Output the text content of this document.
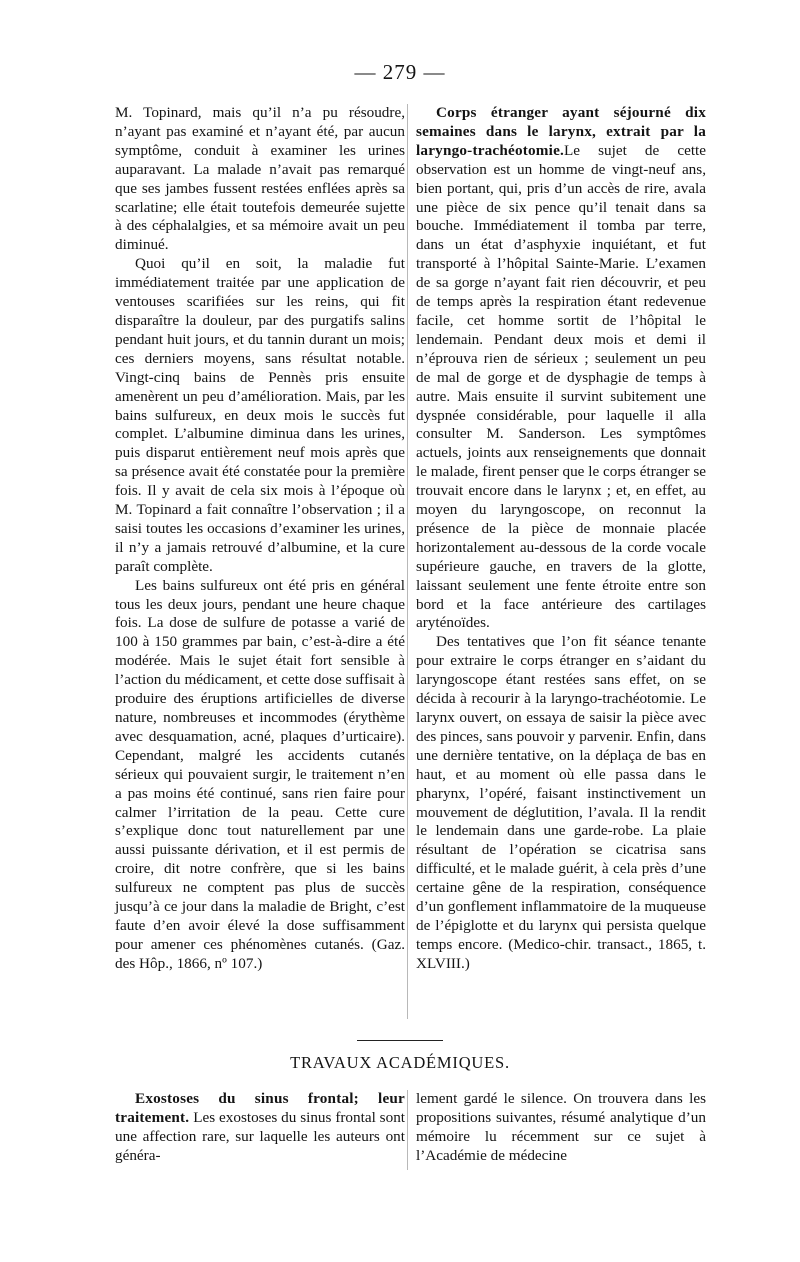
— 279 —

M. Topinard, mais qu’il n’a pu résoudre, n’ayant pas examiné et n’ayant été, par aucun symptôme, conduit à examiner les urines auparavant. La malade n’avait pas remarqué que ses jambes fussent restées enflées après sa scarlatine; elle était toutefois demeurée sujette à des céphalalgies, et sa mémoire avait un peu diminué.

Quoi qu’il en soit, la maladie fut immédiatement traitée par une application de ventouses scarifiées sur les reins, qui fit disparaître la douleur, par des purgatifs salins pendant huit jours, et du tannin durant un mois; ces derniers moyens, sans résultat notable. Vingt-cinq bains de Pennès pris ensuite amenèrent un peu d’amélioration. Mais, par les bains sulfureux, en deux mois le succès fut complet. L’albumine diminua dans les urines, puis disparut entièrement neuf mois après que sa présence avait été constatée pour la première fois. Il y avait de cela six mois à l’époque où M. Topinard a fait connaître l’observation ; il a saisi toutes les occasions d’examiner les urines, il n’y a jamais retrouvé d’albumine, et la cure paraît complète.

Les bains sulfureux ont été pris en général tous les deux jours, pendant une heure chaque fois. La dose de sulfure de potasse a varié de 100 à 150 grammes par bain, c’est-à-dire a été modérée. Mais le sujet était fort sensible à l’action du médicament, et cette dose suffisait à produire des éruptions artificielles de diverse nature, nombreuses et incommodes (érythème avec desquamation, acné, plaques d’urticaire). Cependant, malgré les accidents cutanés sérieux qui pouvaient surgir, le traitement n’en a pas moins été continué, sans rien faire pour calmer l’irritation de la peau. Cette cure s’explique donc tout naturellement par une aussi puissante dérivation, et il est permis de croire, dit notre confrère, que si les bains sulfureux ne comptent pas plus de succès jusqu’à ce jour dans la maladie de Bright, c’est faute d’en avoir élevé la dose suffisamment pour amener ces phénomènes cutanés. (Gaz. des Hôp., 1866, nº 107.)

Corps étranger ayant séjourné dix semaines dans le larynx, extrait par la laryngo-trachéotomie.Le sujet de cette observation est un homme de vingt-neuf ans, bien portant, qui, pris d’un accès de rire, avala une pièce de six pence qu’il tenait dans sa bouche. Immédiatement il tomba par terre, dans un état d’asphyxie inquiétant, et fut transporté à l’hôpital Sainte-Marie. L’examen de sa gorge n’ayant fait rien découvrir, et peu de temps après la respiration étant redevenue facile, cet homme sortit de l’hôpital le lendemain. Pendant deux mois et demi il n’éprouva rien de sérieux ; seulement un peu de mal de gorge et de dysphagie de temps à autre. Mais ensuite il survint subitement une dyspnée considérable, pour laquelle il alla consulter M. Sanderson. Les symptômes actuels, joints aux renseignements que donnait le malade, firent penser que le corps étranger se trouvait encore dans le larynx ; et, en effet, au moyen du laryngoscope, on reconnut la présence de la pièce de monnaie placée horizontalement au-dessous de la corde vocale supérieure gauche, en travers de la glotte, laissant seulement une fente étroite entre son bord et la face antérieure des cartilages aryténoïdes.

Des tentatives que l’on fit séance tenante pour extraire le corps étranger en s’aidant du laryngoscope étant restées sans effet, on se décida à recourir à la laryngo-trachéotomie. Le larynx ouvert, on essaya de saisir la pièce avec des pinces, sans pouvoir y parvenir. Enfin, dans une dernière tentative, on la déplaça de bas en haut, et au moment où elle passa dans le pharynx, l’opéré, faisant instinctivement un mouvement de déglutition, l’avala. Il la rendit le lendemain dans une garde-robe. La plaie résultant de l’opération se cicatrisa sans difficulté, et le malade guérit, à cela près d’une certaine gêne de la respiration, conséquence d’un gonflement inflammatoire de la muqueuse de l’épiglotte et du larynx qui persista quelque temps encore. (Medico-chir. transact., 1865, t. XLVIII.)

TRAVAUX ACADÉMIQUES.

Exostoses du sinus frontal; leur traitement. Les exostoses du sinus frontal sont une affection rare, sur laquelle les auteurs ont généra-

lement gardé le silence. On trouvera dans les propositions suivantes, résumé analytique d’un mémoire lu récemment sur ce sujet à l’Académie de médecine
